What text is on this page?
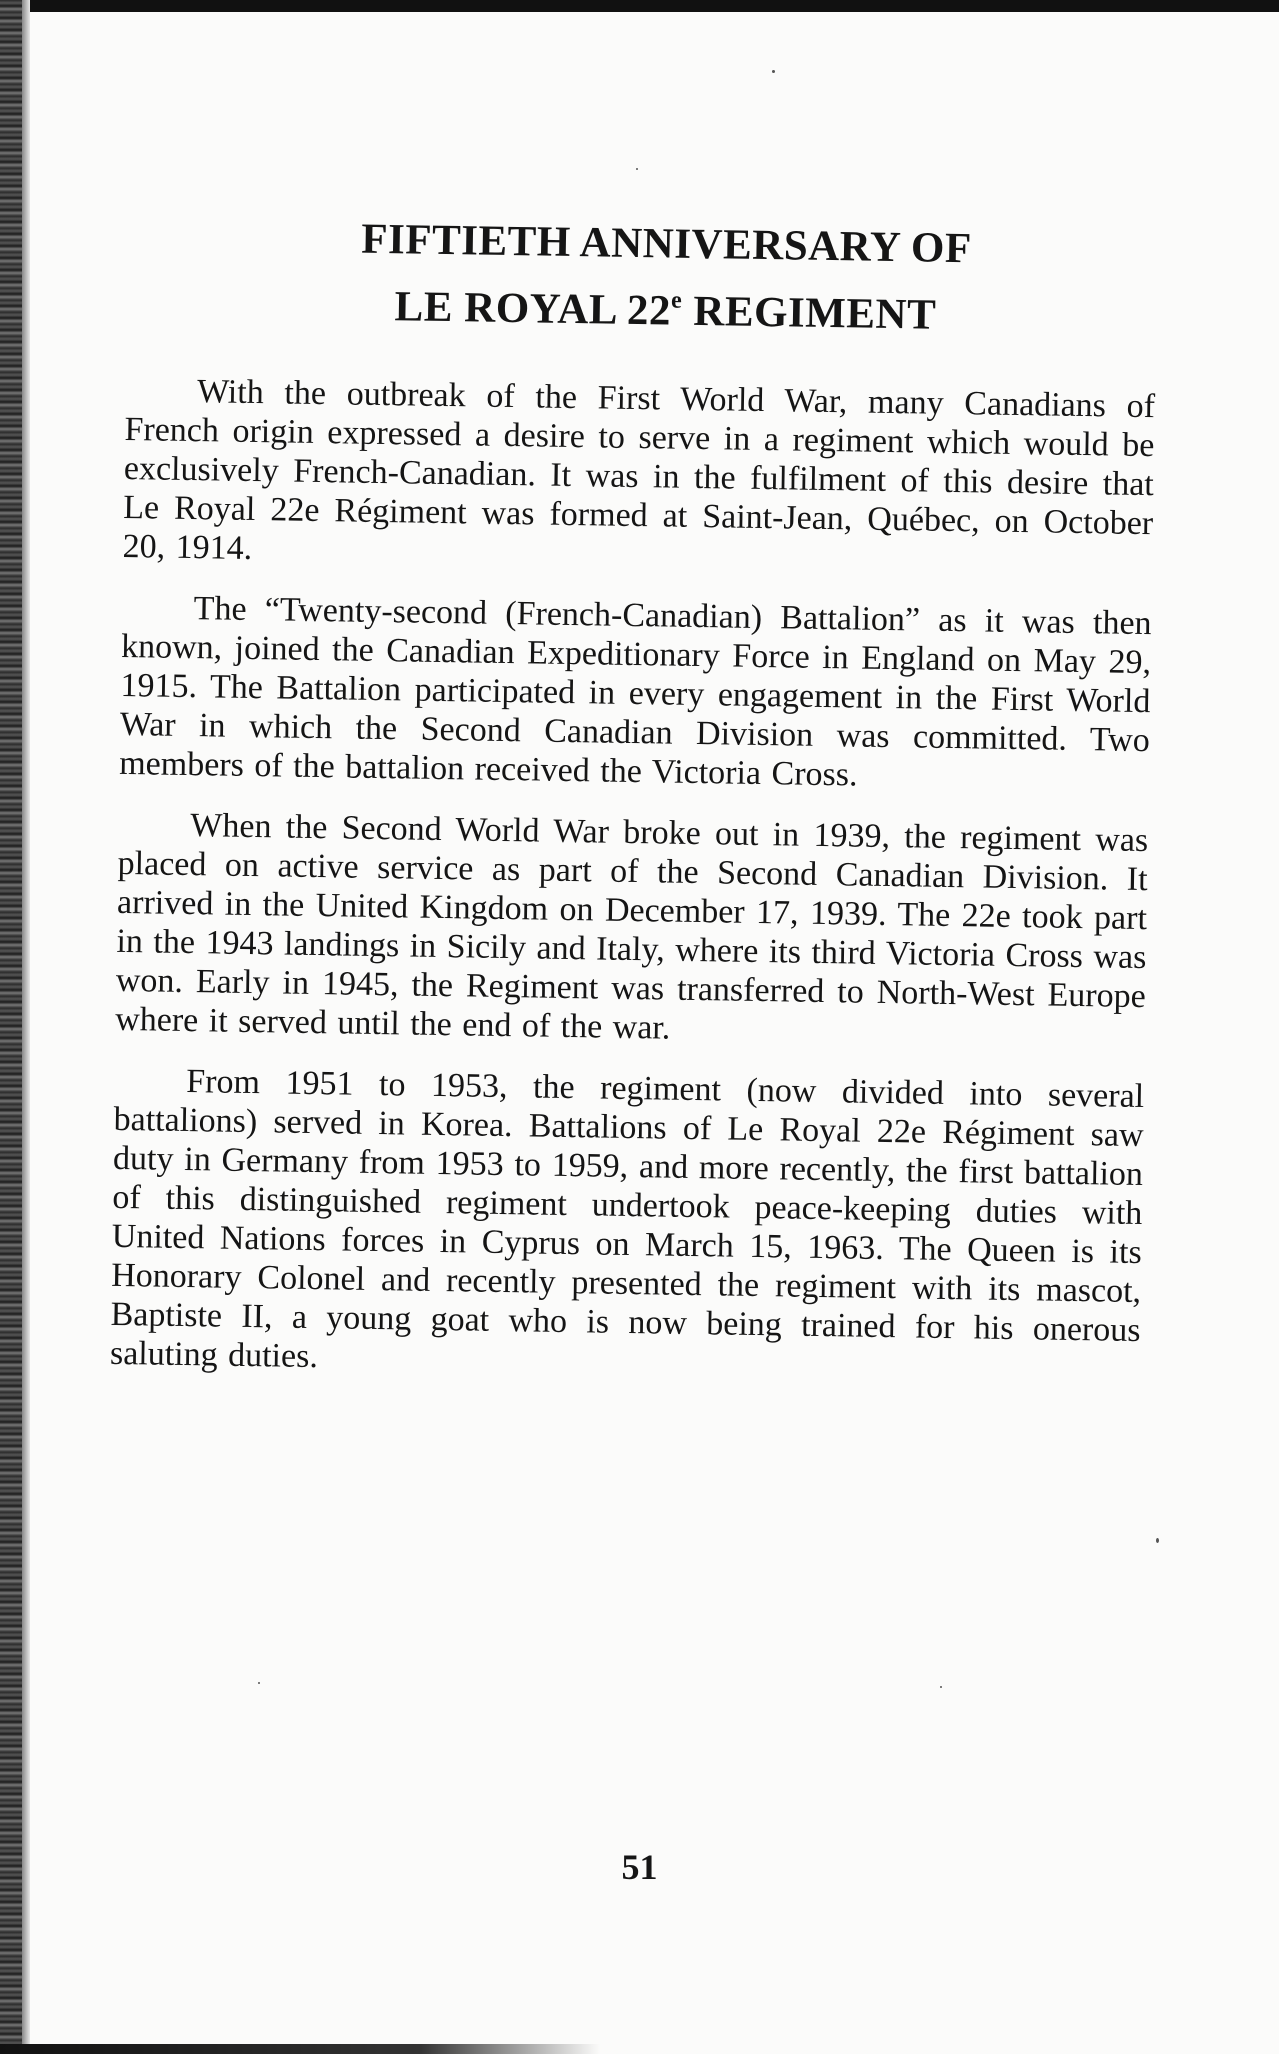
FIFTIETH ANNIVERSARY OF
LE ROYAL 22e REGIMENT

With the outbreak of the First World War, many Canadians of French origin expressed a desire to serve in a regiment which would be exclusively French-Canadian. It was in the fulfilment of this desire that Le Royal 22e Régiment was formed at Saint-Jean, Québec, on October 20, 1914.

The “Twenty-second (French-Canadian) Battalion” as it was then known, joined the Canadian Expeditionary Force in England on May 29, 1915. The Battalion participated in every engagement in the First World War in which the Second Canadian Division was committed. Two members of the battalion received the Victoria Cross.

When the Second World War broke out in 1939, the regiment was placed on active service as part of the Second Canadian Division. It arrived in the United Kingdom on December 17, 1939. The 22e took part in the 1943 landings in Sicily and Italy, where its third Victoria Cross was won. Early in 1945, the Regiment was transferred to North-West Europe where it served until the end of the war.

From 1951 to 1953, the regiment (now divided into several battalions) served in Korea. Battalions of Le Royal 22e Régiment saw duty in Germany from 1953 to 1959, and more recently, the first battalion of this distinguished regiment undertook peace-keeping duties with United Nations forces in Cyprus on March 15, 1963. The Queen is its Honorary Colonel and recently presented the regiment with its mascot, Baptiste II, a young goat who is now being trained for his onerous saluting duties.

51
